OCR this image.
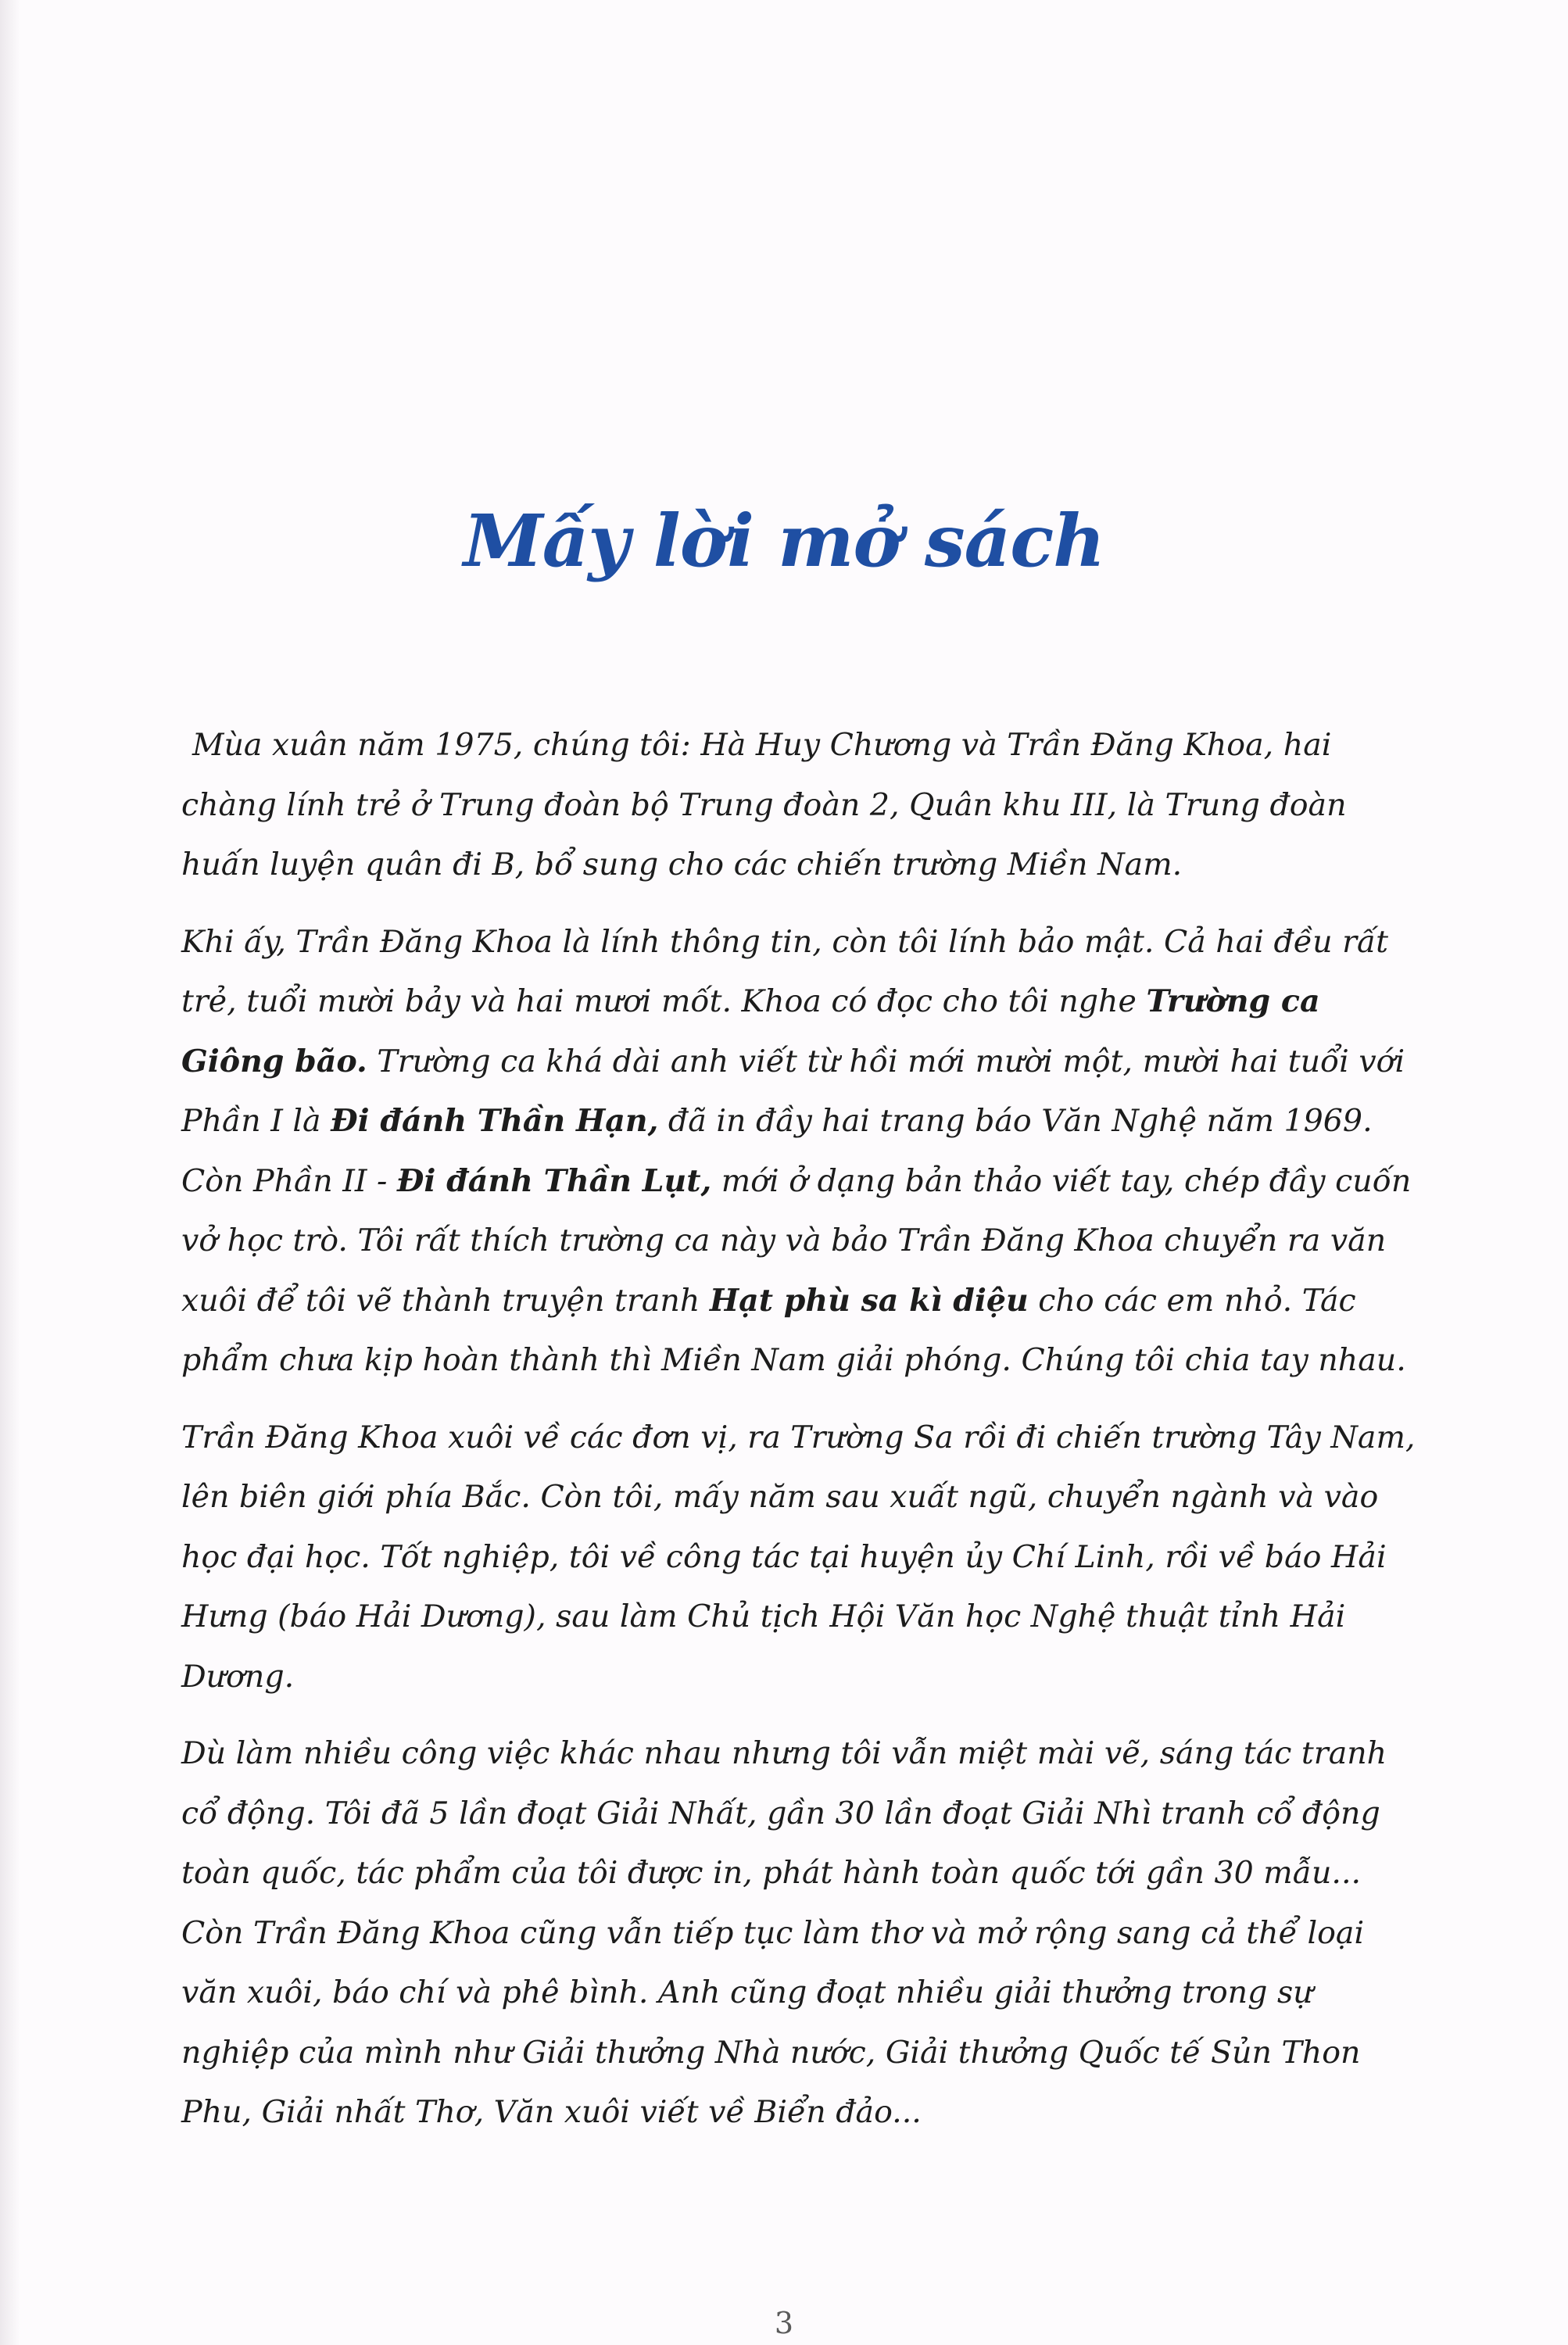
Mấy lời mở sách

Mùa xuân năm 1975, chúng tôi: Hà Huy Chương và Trần Đăng Khoa, hai chàng lính trẻ ở Trung đoàn bộ Trung đoàn 2, Quân khu III, là Trung đoàn huấn luyện quân đi B, bổ sung cho các chiến trường Miền Nam.

Khi ấy, Trần Đăng Khoa là lính thông tin, còn tôi lính bảo mật. Cả hai đều rất trẻ, tuổi mười bảy và hai mươi mốt. Khoa có đọc cho tôi nghe Trường ca Giông bão. Trường ca khá dài anh viết từ hồi mới mười một, mười hai tuổi với Phần I là Đi đánh Thần Hạn, đã in đầy hai trang báo Văn Nghệ năm 1969. Còn Phần II - Đi đánh Thần Lụt, mới ở dạng bản thảo viết tay, chép đầy cuốn vở học trò. Tôi rất thích trường ca này và bảo Trần Đăng Khoa chuyển ra văn xuôi để tôi vẽ thành truyện tranh Hạt phù sa kì diệu cho các em nhỏ. Tác phẩm chưa kịp hoàn thành thì Miền Nam giải phóng. Chúng tôi chia tay nhau.

Trần Đăng Khoa xuôi về các đơn vị, ra Trường Sa rồi đi chiến trường Tây Nam, lên biên giới phía Bắc. Còn tôi, mấy năm sau xuất ngũ, chuyển ngành và vào học đại học. Tốt nghiệp, tôi về công tác tại huyện ủy Chí Linh, rồi về báo Hải Hưng (báo Hải Dương), sau làm Chủ tịch Hội Văn học Nghệ thuật tỉnh Hải Dương.

Dù làm nhiều công việc khác nhau nhưng tôi vẫn miệt mài vẽ, sáng tác tranh cổ động. Tôi đã 5 lần đoạt Giải Nhất, gần 30 lần đoạt Giải Nhì tranh cổ động toàn quốc, tác phẩm của tôi được in, phát hành toàn quốc tới gần 30 mẫu... Còn Trần Đăng Khoa cũng vẫn tiếp tục làm thơ và mở rộng sang cả thể loại văn xuôi, báo chí và phê bình. Anh cũng đoạt nhiều giải thưởng trong sự nghiệp của mình như Giải thưởng Nhà nước, Giải thưởng Quốc tế Sủn Thon Phu, Giải nhất Thơ, Văn xuôi viết về Biển đảo...

3
